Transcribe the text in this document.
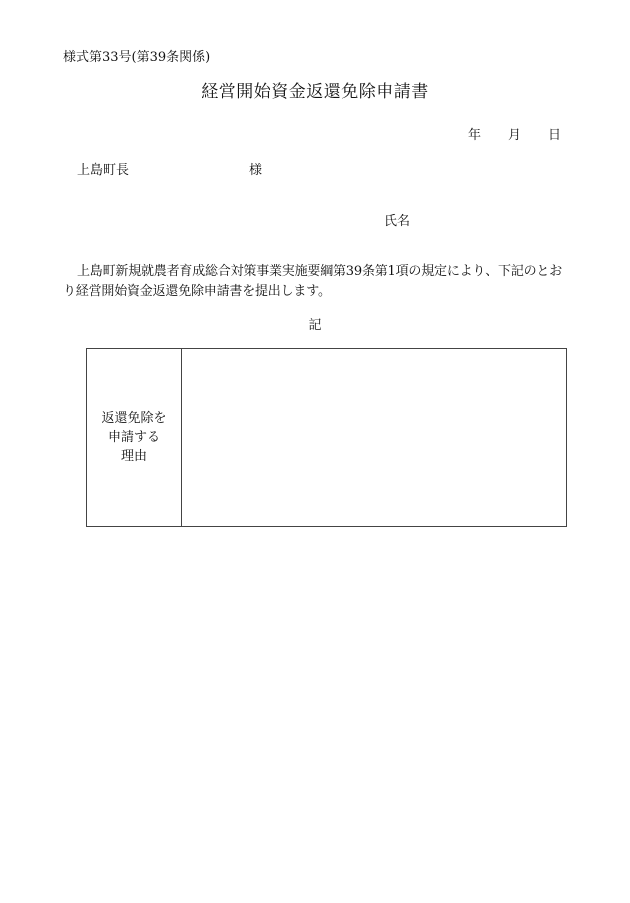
様式第33号(第39条関係)
経営開始資金返還免除申請書
年 月 日
上島町長	様
氏名
上島町新規就農者育成総合対策事業実施要綱第39条第1項の規定により、下記のとおり経営開始資金返還免除申請書を提出します。
記
返還免除を
申請する
理由
